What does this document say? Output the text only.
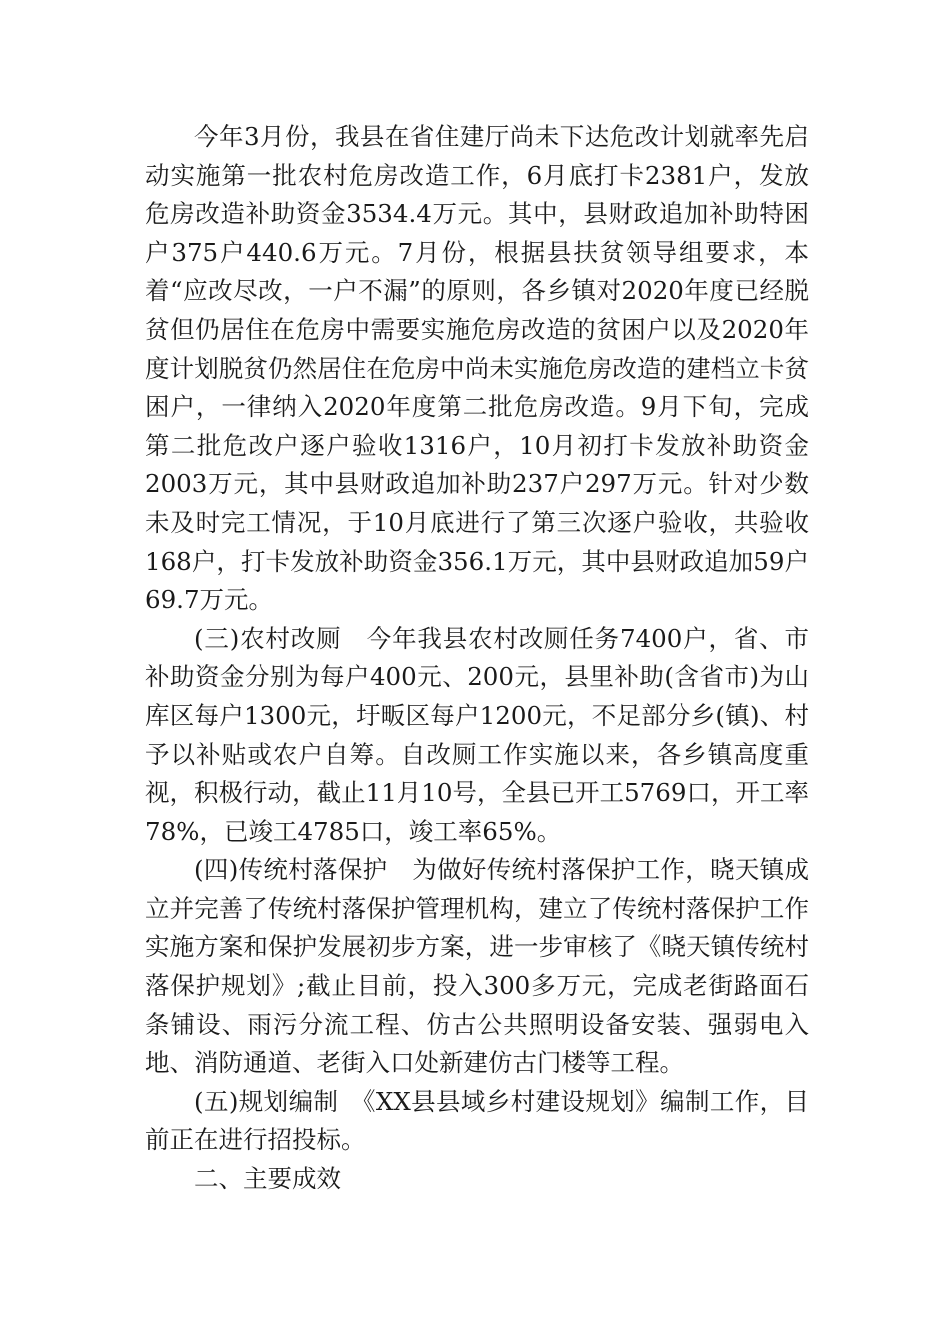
今年3月份，我县在省住建厅尚未下达危改计划就率先启动实施第一批农村危房改造工作，6月底打卡2381户，发放危房改造补助资金3534.4万元。其中，县财政追加补助特困户375户440.6万元。7月份，根据县扶贫领导组要求，本着“应改尽改，一户不漏”的原则，各乡镇对2020年度已经脱贫但仍居住在危房中需要实施危房改造的贫困户以及2020年度计划脱贫仍然居住在危房中尚未实施危房改造的建档立卡贫困户，一律纳入2020年度第二批危房改造。9月下旬，完成第二批危改户逐户验收1316户，10月初打卡发放补助资金2003万元，其中县财政追加补助237户297万元。针对少数未及时完工情况，于10月底进行了第三次逐户验收，共验收168户，打卡发放补助资金356.1万元，其中县财政追加59户69.7万元。

(三)农村改厕　今年我县农村改厕任务7400户，省、市补助资金分别为每户400元、200元，县里补助(含省市)为山库区每户1300元，圩畈区每户1200元，不足部分乡(镇)、村予以补贴或农户自筹。自改厕工作实施以来，各乡镇高度重视，积极行动，截止11月10号，全县已开工5769口，开工率78%，已竣工4785口，竣工率65%。

(四)传统村落保护　为做好传统村落保护工作，晓天镇成立并完善了传统村落保护管理机构，建立了传统村落保护工作实施方案和保护发展初步方案，进一步审核了《晓天镇传统村落保护规划》;截止目前，投入300多万元，完成老街路面石条铺设、雨污分流工程、仿古公共照明设备安装、强弱电入地、消防通道、老街入口处新建仿古门楼等工程。

(五)规划编制　《XX县县域乡村建设规划》编制工作，目前正在进行招投标。

二、主要成效
